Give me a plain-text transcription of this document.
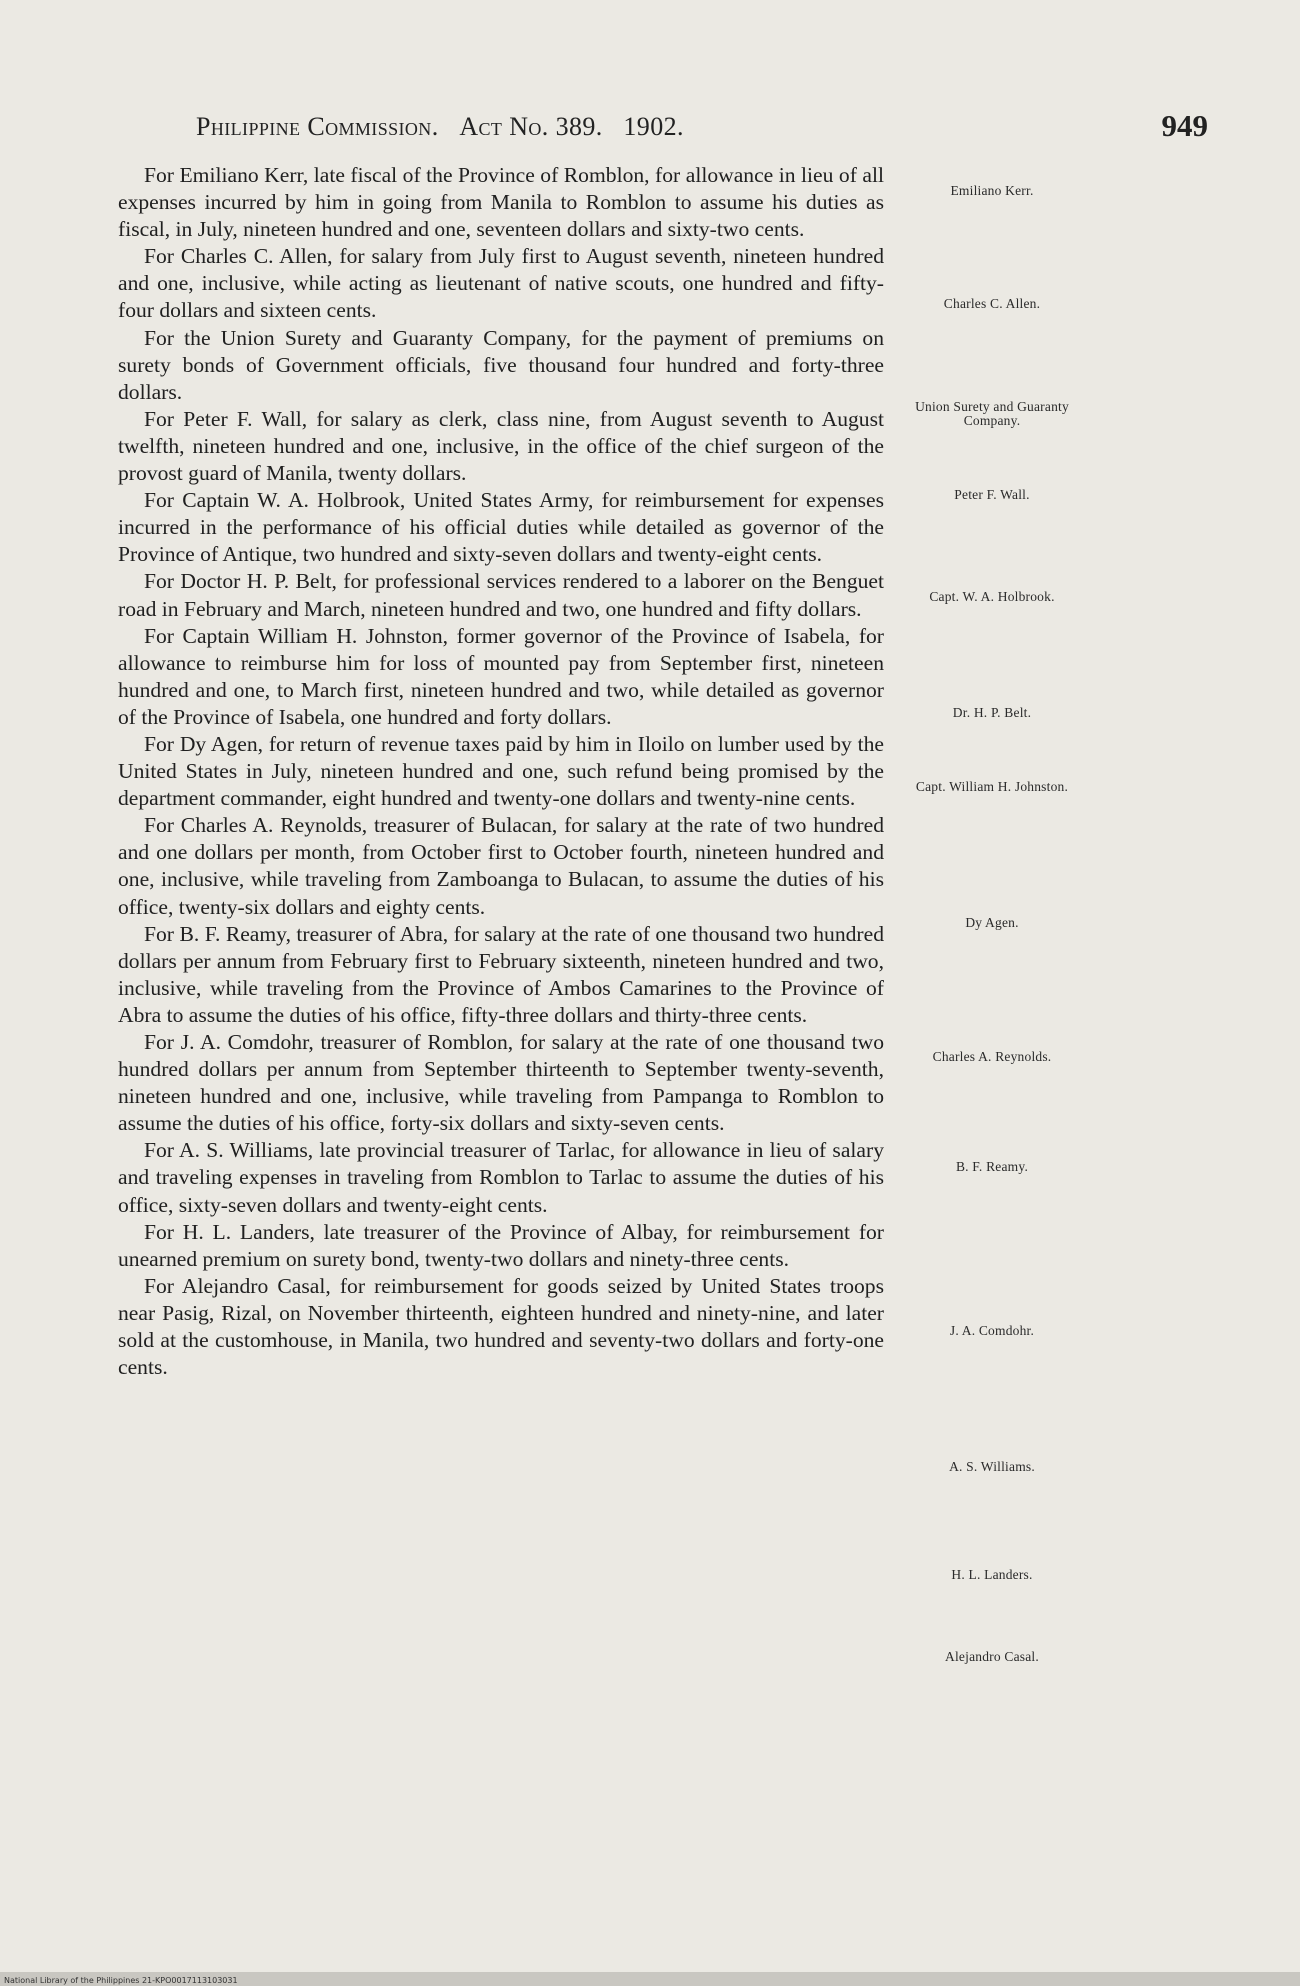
Philippine Commission. Act No. 389. 1902.	949

For Emiliano Kerr, late fiscal of the Province of Romblon, for allowance in lieu of all expenses incurred by him in going from Manila to Romblon to assume his duties as fiscal, in July, nineteen hundred and one, seventeen dollars and sixty-two cents.

For Charles C. Allen, for salary from July first to August seventh, nineteen hundred and one, inclusive, while acting as lieutenant of native scouts, one hundred and fifty-four dollars and sixteen cents.

For the Union Surety and Guaranty Company, for the payment of premiums on surety bonds of Government officials, five thousand four hundred and forty-three dollars.

For Peter F. Wall, for salary as clerk, class nine, from August seventh to August twelfth, nineteen hundred and one, inclusive, in the office of the chief surgeon of the provost guard of Manila, twenty dollars.

For Captain W. A. Holbrook, United States Army, for reimbursement for expenses incurred in the performance of his official duties while detailed as governor of the Province of Antique, two hundred and sixty-seven dollars and twenty-eight cents.

For Doctor H. P. Belt, for professional services rendered to a laborer on the Benguet road in February and March, nineteen hundred and two, one hundred and fifty dollars.

For Captain William H. Johnston, former governor of the Province of Isabela, for allowance to reimburse him for loss of mounted pay from September first, nineteen hundred and one, to March first, nineteen hundred and two, while detailed as governor of the Province of Isabela, one hundred and forty dollars.

For Dy Agen, for return of revenue taxes paid by him in Iloilo on lumber used by the United States in July, nineteen hundred and one, such refund being promised by the department commander, eight hundred and twenty-one dollars and twenty-nine cents.

For Charles A. Reynolds, treasurer of Bulacan, for salary at the rate of two hundred and one dollars per month, from October first to October fourth, nineteen hundred and one, inclusive, while traveling from Zamboanga to Bulacan, to assume the duties of his office, twenty-six dollars and eighty cents.

For B. F. Reamy, treasurer of Abra, for salary at the rate of one thousand two hundred dollars per annum from February first to February sixteenth, nineteen hundred and two, inclusive, while traveling from the Province of Ambos Camarines to the Province of Abra to assume the duties of his office, fifty-three dollars and thirty-three cents.

For J. A. Comdohr, treasurer of Romblon, for salary at the rate of one thousand two hundred dollars per annum from September thirteenth to September twenty-seventh, nineteen hundred and one, inclusive, while traveling from Pampanga to Romblon to assume the duties of his office, forty-six dollars and sixty-seven cents.

For A. S. Williams, late provincial treasurer of Tarlac, for allowance in lieu of salary and traveling expenses in traveling from Romblon to Tarlac to assume the duties of his office, sixty-seven dollars and twenty-eight cents.

For H. L. Landers, late treasurer of the Province of Albay, for reimbursement for unearned premium on surety bond, twenty-two dollars and ninety-three cents.

For Alejandro Casal, for reimbursement for goods seized by United States troops near Pasig, Rizal, on November thirteenth, eighteen hundred and ninety-nine, and later sold at the customhouse, in Manila, two hundred and seventy-two dollars and forty-one cents.

Emiliano Kerr.
Charles C. Allen.
Union Surety and Guaranty Company.
Peter F. Wall.
Capt. W. A. Holbrook.
Dr. H. P. Belt.
Capt. William H. Johnston.
Dy Agen.
Charles A. Reynolds.
B. F. Reamy.
J. A. Comdohr.
A. S. Williams.
H. L. Landers.
Alejandro Casal.
National Library of the Philippines 21-KPO0017113103031
